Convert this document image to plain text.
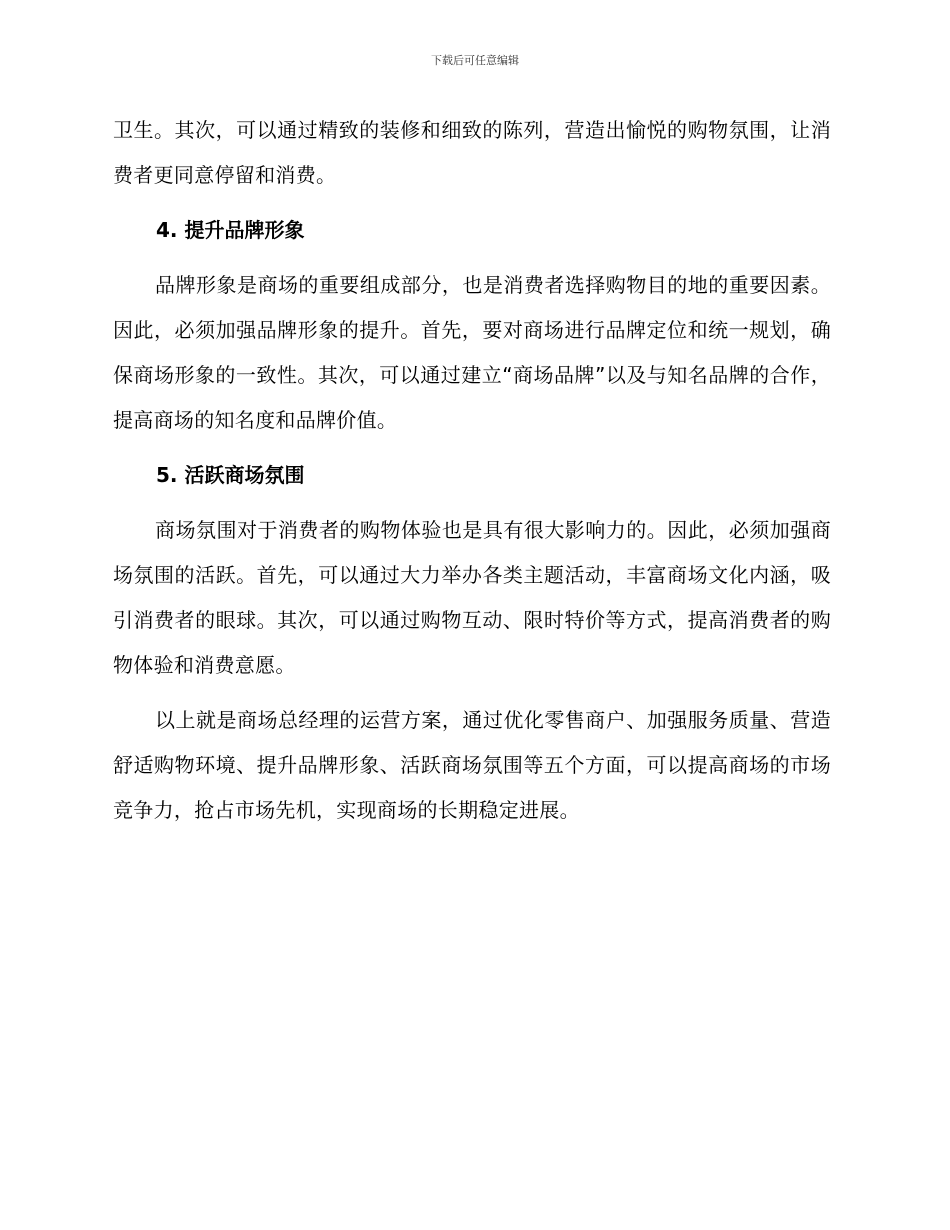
下载后可任意编辑

卫生。其次，可以通过精致的装修和细致的陈列，营造出愉悦的购物氛围，让消费者更同意停留和消费。

4. 提升品牌形象

品牌形象是商场的重要组成部分，也是消费者选择购物目的地的重要因素。因此，必须加强品牌形象的提升。首先，要对商场进行品牌定位和统一规划，确保商场形象的一致性。其次，可以通过建立“商场品牌”以及与知名品牌的合作，提高商场的知名度和品牌价值。

5. 活跃商场氛围

商场氛围对于消费者的购物体验也是具有很大影响力的。因此，必须加强商场氛围的活跃。首先，可以通过大力举办各类主题活动，丰富商场文化内涵，吸引消费者的眼球。其次，可以通过购物互动、限时特价等方式，提高消费者的购物体验和消费意愿。

以上就是商场总经理的运营方案，通过优化零售商户、加强服务质量、营造舒适购物环境、提升品牌形象、活跃商场氛围等五个方面，可以提高商场的市场竞争力，抢占市场先机，实现商场的长期稳定进展。
